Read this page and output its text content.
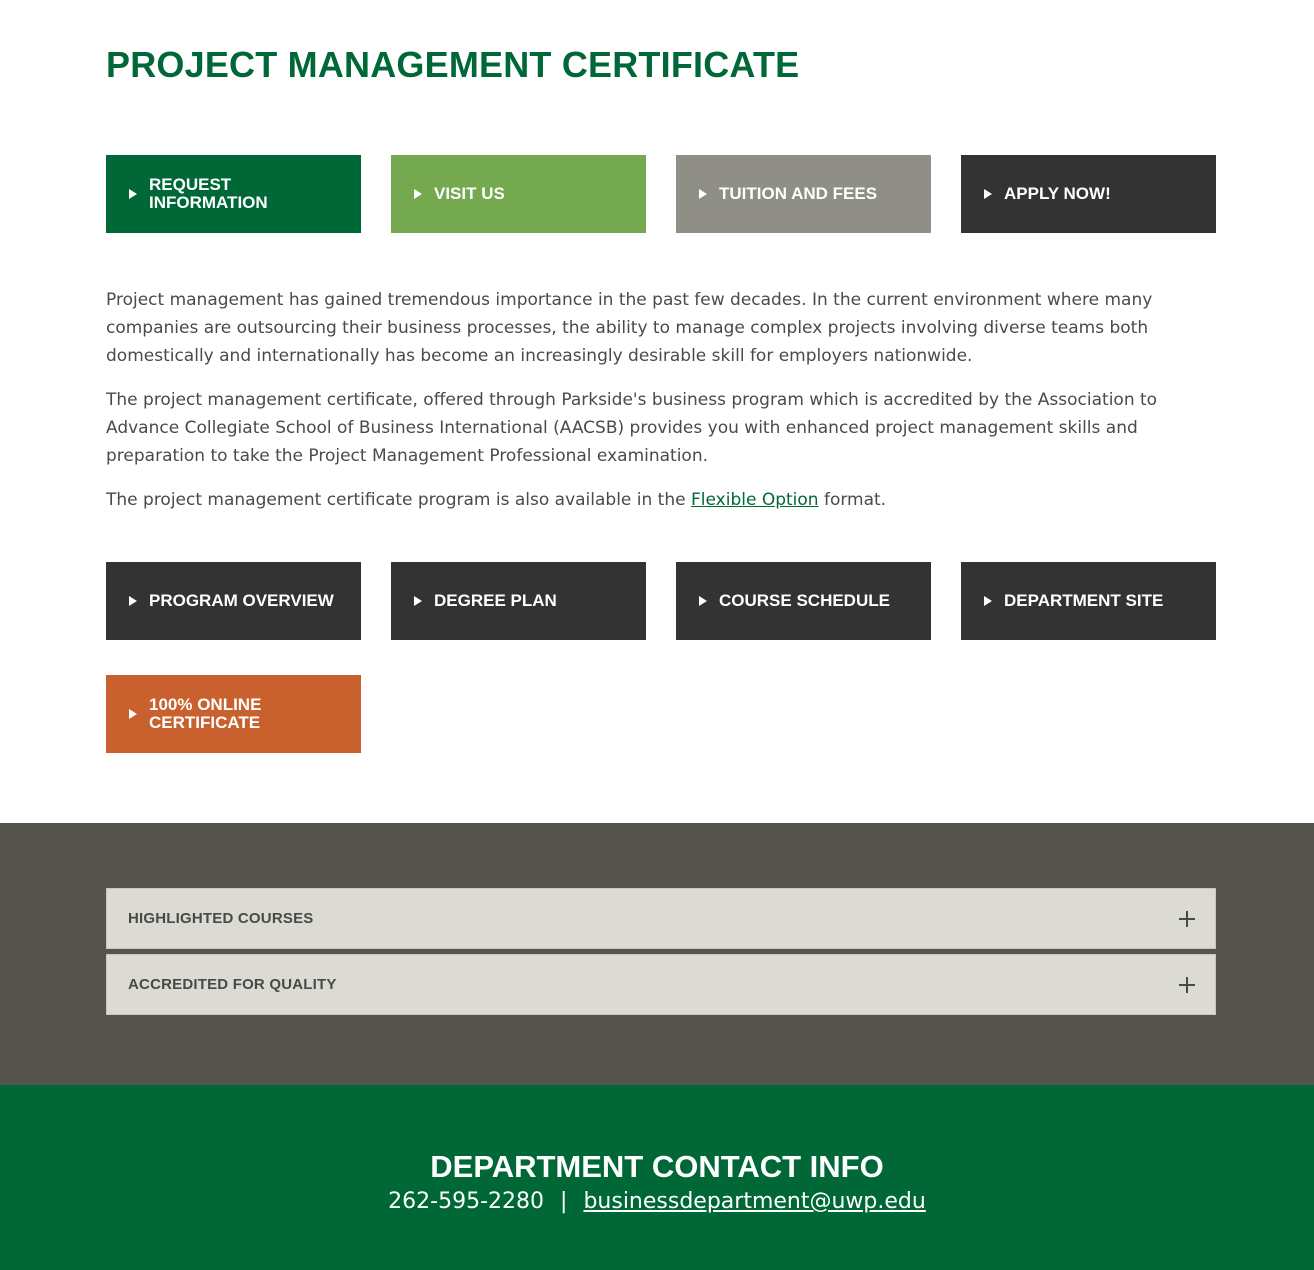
PROJECT MANAGEMENT CERTIFICATE
REQUEST INFORMATION	VISIT US	TUITION AND FEES	APPLY NOW!

Project management has gained tremendous importance in the past few decades. In the current environment where many companies are outsourcing their business processes, the ability to manage complex projects involving diverse teams both domestically and internationally has become an increasingly desirable skill for employers nationwide.

The project management certificate, offered through Parkside's business program which is accredited by the Association to Advance Collegiate School of Business International (AACSB) provides you with enhanced project management skills and preparation to take the Project Management Professional examination.

The project management certificate program is also available in the Flexible Option format.

PROGRAM OVERVIEW	DEGREE PLAN	COURSE SCHEDULE	DEPARTMENT SITE
100% ONLINE CERTIFICATE
HIGHLIGHTED COURSES
ACCREDITED FOR QUALITY
DEPARTMENT CONTACT INFO
262-595-2280 | businessdepartment@uwp.edu
